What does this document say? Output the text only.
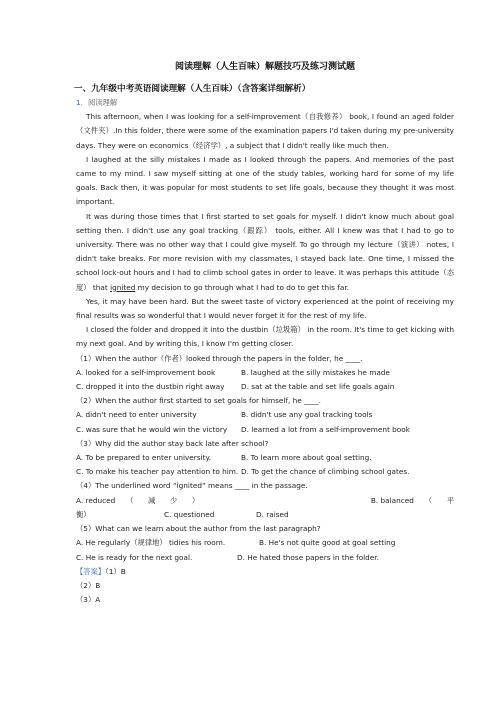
阅读理解（人生百味）解题技巧及练习测试题
一、九年级中考英语阅读理解（人生百味）（含答案详细解析）
1．阅读理解

This afternoon, when I was looking for a self-improvement（自我修养） book, I found an aged folder（文件夹）.In this folder, there were some of the examination papers I'd taken during my pre-university days. They were on economics（经济学）, a subject that I didn't really like much then.

I laughed at the silly mistakes I made as I looked through the papers. And memories of the past came to my mind. I saw myself sitting at one of the study tables, working hard for some of my life goals. Back then, it was popular for most students to set life goals, because they thought it was most important.

It was during those times that I first started to set goals for myself. I didn't know much about goal setting then. I didn't use any goal tracking（跟踪） tools, either. All I knew was that I had to go to university. There was no other way that I could give myself. To go through my lecture（演讲） notes, I didn't take breaks. For more revision with my classmates, I stayed back late. One time, I missed the school lock-out hours and I had to climb school gates in order to leave. It was perhaps this attitude（态度） that ignited my decision to go through what I had to do to get this far.

Yes, it may have been hard. But the sweet taste of victory experienced at the point of receiving my final results was so wonderful that I would never forget it for the rest of my life.

I closed the folder and dropped it into the dustbin（垃圾箱） in the room. It's time to get kicking with my next goal. And by writing this, I know I'm getting closer.

（1）When the author（作者）looked through the papers in the folder, he ____.

A. looked for a self-improvement book	B. laughed at the silly mistakes he made
C. dropped it into the dustbin right away	D. sat at the table and set life goals again

（2）When the author first started to set goals for himself, he ____.

A. didn't need to enter university	B. didn't use any goal tracking tools
C. was sure that he would win the victory	D. learned a lot from a self-improvement book

（3）Why did the author stay back late after school?

A. To be prepared to enter university.	B. To learn more about goal setting.
C. To make his teacher pay attention to him. D. To get the chance of climbing school gates.

（4）The underlined word “ignited” means ____ in the passage.

A. reduced　　（　　减　　少　　）	B. balanced　　（　　平
衡）	C. questioned	D. raised

（5）What can we learn about the author from the last paragraph?

A. He regularly（规律地） tidies his room.	B. He's not quite good at goal setting
C. He is ready for the next goal.	D. He hated those papers in the folder.

【答案】（1）B

（2）B

（3）A
